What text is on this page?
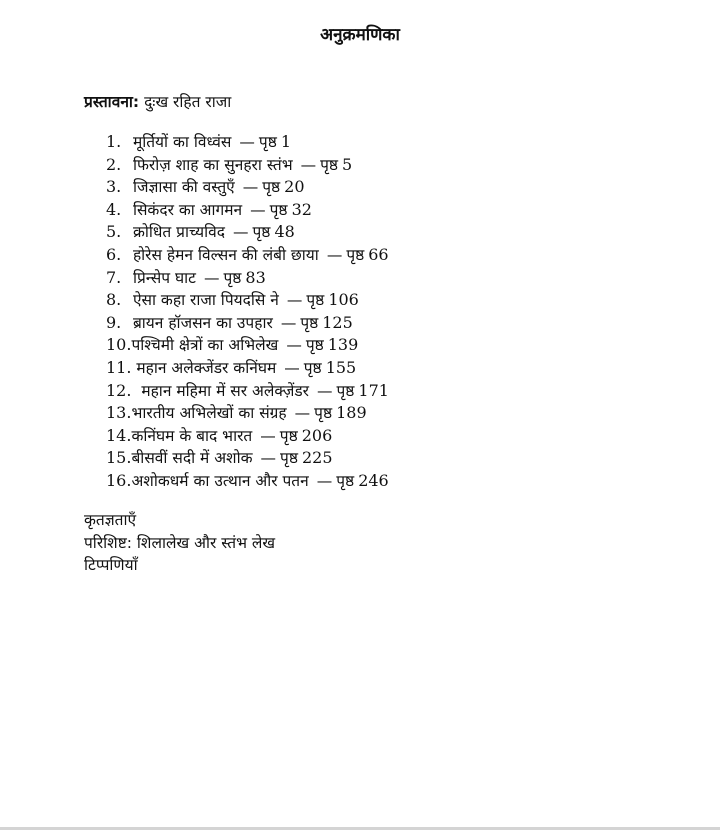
अनुक्रमणिका
प्रस्तावना: दुःख रहित राजा
1.
मूर्तियों का विध्वंस — पृष्ठ 1
2.
फिरोज़ शाह का सुनहरा स्तंभ — पृष्ठ 5
3.
जिज्ञासा की वस्तुएँ — पृष्ठ 20
4.
सिकंदर का आगमन — पृष्ठ 32
5.
क्रोधित प्राच्यविद — पृष्ठ 48
6.
होरेस हेमन विल्सन की लंबी छाया — पृष्ठ 66
7.
प्रिन्सेप घाट — पृष्ठ 83
8.
ऐसा कहा राजा पियदसि ने — पृष्ठ 106
9.
ब्रायन हॉजसन का उपहार — पृष्ठ 125
10. पश्चिमी क्षेत्रों का अभिलेख — पृष्ठ 139
11.
महान अलेक्जेंडर कनिंघम — पृष्ठ 155
12.
महान महिमा में सर अलेक्ज़ेंडर — पृष्ठ 171
13. भारतीय अभिलेखों का संग्रह — पृष्ठ 189
14. कनिंघम के बाद भारत — पृष्ठ 206
15. बीसवीं सदी में अशोक — पृष्ठ 225
16. अशोकधर्म का उत्थान और पतन — पृष्ठ 246
कृतज्ञताएँ
परिशिष्ट: शिलालेख और स्तंभ लेख
टिप्पणियाँ
